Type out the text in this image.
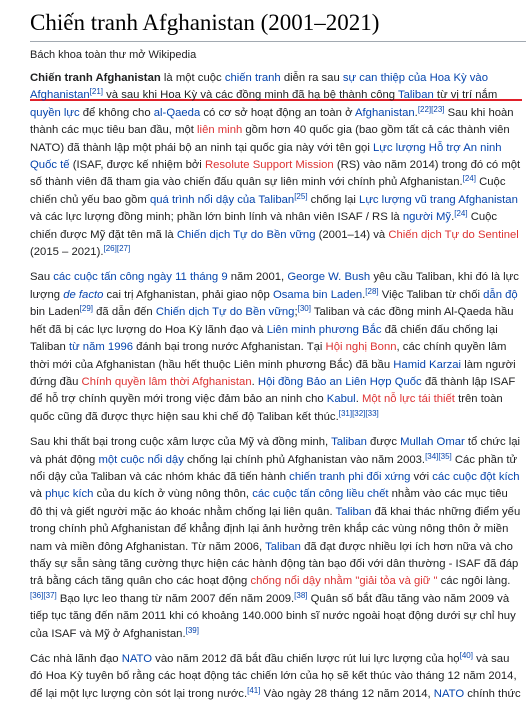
Chiến tranh Afghanistan (2001–2021)
Bách khoa toàn thư mở Wikipedia

Chiến tranh Afghanistan là một cuộc chiến tranh diễn ra sau sự can thiệp của Hoa Kỳ vào Afghanistan[21] và sau khi Hoa Kỳ và các đồng minh đã hạ bệ thành công Taliban từ vị trí nắm quyền lực để không cho al-Qaeda có cơ sở hoạt động an toàn ở Afghanistan.[22][23] Sau khi hoàn thành các mục tiêu ban đầu, một liên minh gồm hơn 40 quốc gia (bao gồm tất cả các thành viên NATO) đã thành lập một phái bộ an ninh tại quốc gia này với tên gọi Lực lượng Hỗ trợ An ninh Quốc tế (ISAF, được kế nhiệm bởi Resolute Support Mission (RS) vào năm 2014) trong đó có một số thành viên đã tham gia vào chiến đấu quân sự liên minh với chính phủ Afghanistan.[24] Cuộc chiến chủ yếu bao gồm quá trình nổi dậy của Taliban[25] chống lại Lực lượng vũ trang Afghanistan và các lực lượng đồng minh; phần lớn binh lính và nhân viên ISAF / RS là người Mỹ.[24] Cuộc chiến được Mỹ đặt tên mã là Chiến dịch Tự do Bền vững (2001–14) và Chiến dịch Tự do Sentinel (2015 – 2021).[26][27]

Sau các cuộc tấn công ngày 11 tháng 9 năm 2001, George W. Bush yêu cầu Taliban, khi đó là lực lượng de facto cai trị Afghanistan, phải giao nộp Osama bin Laden.[28] Việc Taliban từ chối dẫn độ bin Laden[29] đã dẫn đến Chiến dịch Tự do Bền vững;[30] Taliban và các đồng minh Al-Qaeda hầu hết đã bị các lực lượng do Hoa Kỳ lãnh đạo và Liên minh phương Bắc đã chiến đấu chống lại Taliban từ năm 1996 đánh bại trong nước Afghanistan. Tại Hội nghị Bonn, các chính quyền lâm thời mới của Afghanistan (hầu hết thuộc Liên minh phương Bắc) đã bầu Hamid Karzai làm người đứng đầu Chính quyền lâm thời Afghanistan. Hội đồng Bảo an Liên Hợp Quốc đã thành lập ISAF để hỗ trợ chính quyền mới trong việc đảm bảo an ninh cho Kabul. Một nỗ lực tái thiết trên toàn quốc cũng đã được thực hiện sau khi chế độ Taliban kết thúc.[31][32][33]

Sau khi thất bại trong cuộc xâm lược của Mỹ và đồng minh, Taliban được Mullah Omar tổ chức lại và phát động một cuộc nổi dậy chống lại chính phủ Afghanistan vào năm 2003.[34][35] Các phần tử nổi dậy của Taliban và các nhóm khác đã tiến hành chiến tranh phi đối xứng với các cuộc đột kích và phục kích của du kích ở vùng nông thôn, các cuộc tấn công liều chết nhằm vào các mục tiêu đô thị và giết người mặc áo khoác nhằm chống lại liên quân. Taliban đã khai thác những điểm yếu trong chính phủ Afghanistan để khẳng định lại ảnh hưởng trên khắp các vùng nông thôn ở miền nam và miền đông Afghanistan. Từ năm 2006, Taliban đã đạt được nhiều lợi ích hơn nữa và cho thấy sự sẵn sàng tăng cường thực hiện các hành động tàn bạo đối với dân thường - ISAF đã đáp trả bằng cách tăng quân cho các hoạt động chống nổi dậy nhằm "giải tỏa và giữ " các ngôi làng.[36][37] Bạo lực leo thang từ năm 2007 đến năm 2009.[38] Quân số bắt đầu tăng vào năm 2009 và tiếp tục tăng đến năm 2011 khi có khoảng 140.000 binh sĩ nước ngoài hoạt động dưới sự chỉ huy của ISAF và Mỹ ở Afghanistan.[39]

Các nhà lãnh đạo NATO vào năm 2012 đã bắt đầu chiến lược rút lui lực lượng của họ[40] và sau đó Hoa Kỳ tuyên bố rằng các hoạt động tác chiến lớn của họ sẽ kết thúc vào tháng 12 năm 2014, để lại một lực lượng còn sót lại trong nước.[41] Vào ngày 28 tháng 12 năm 2014, NATO chính thức
